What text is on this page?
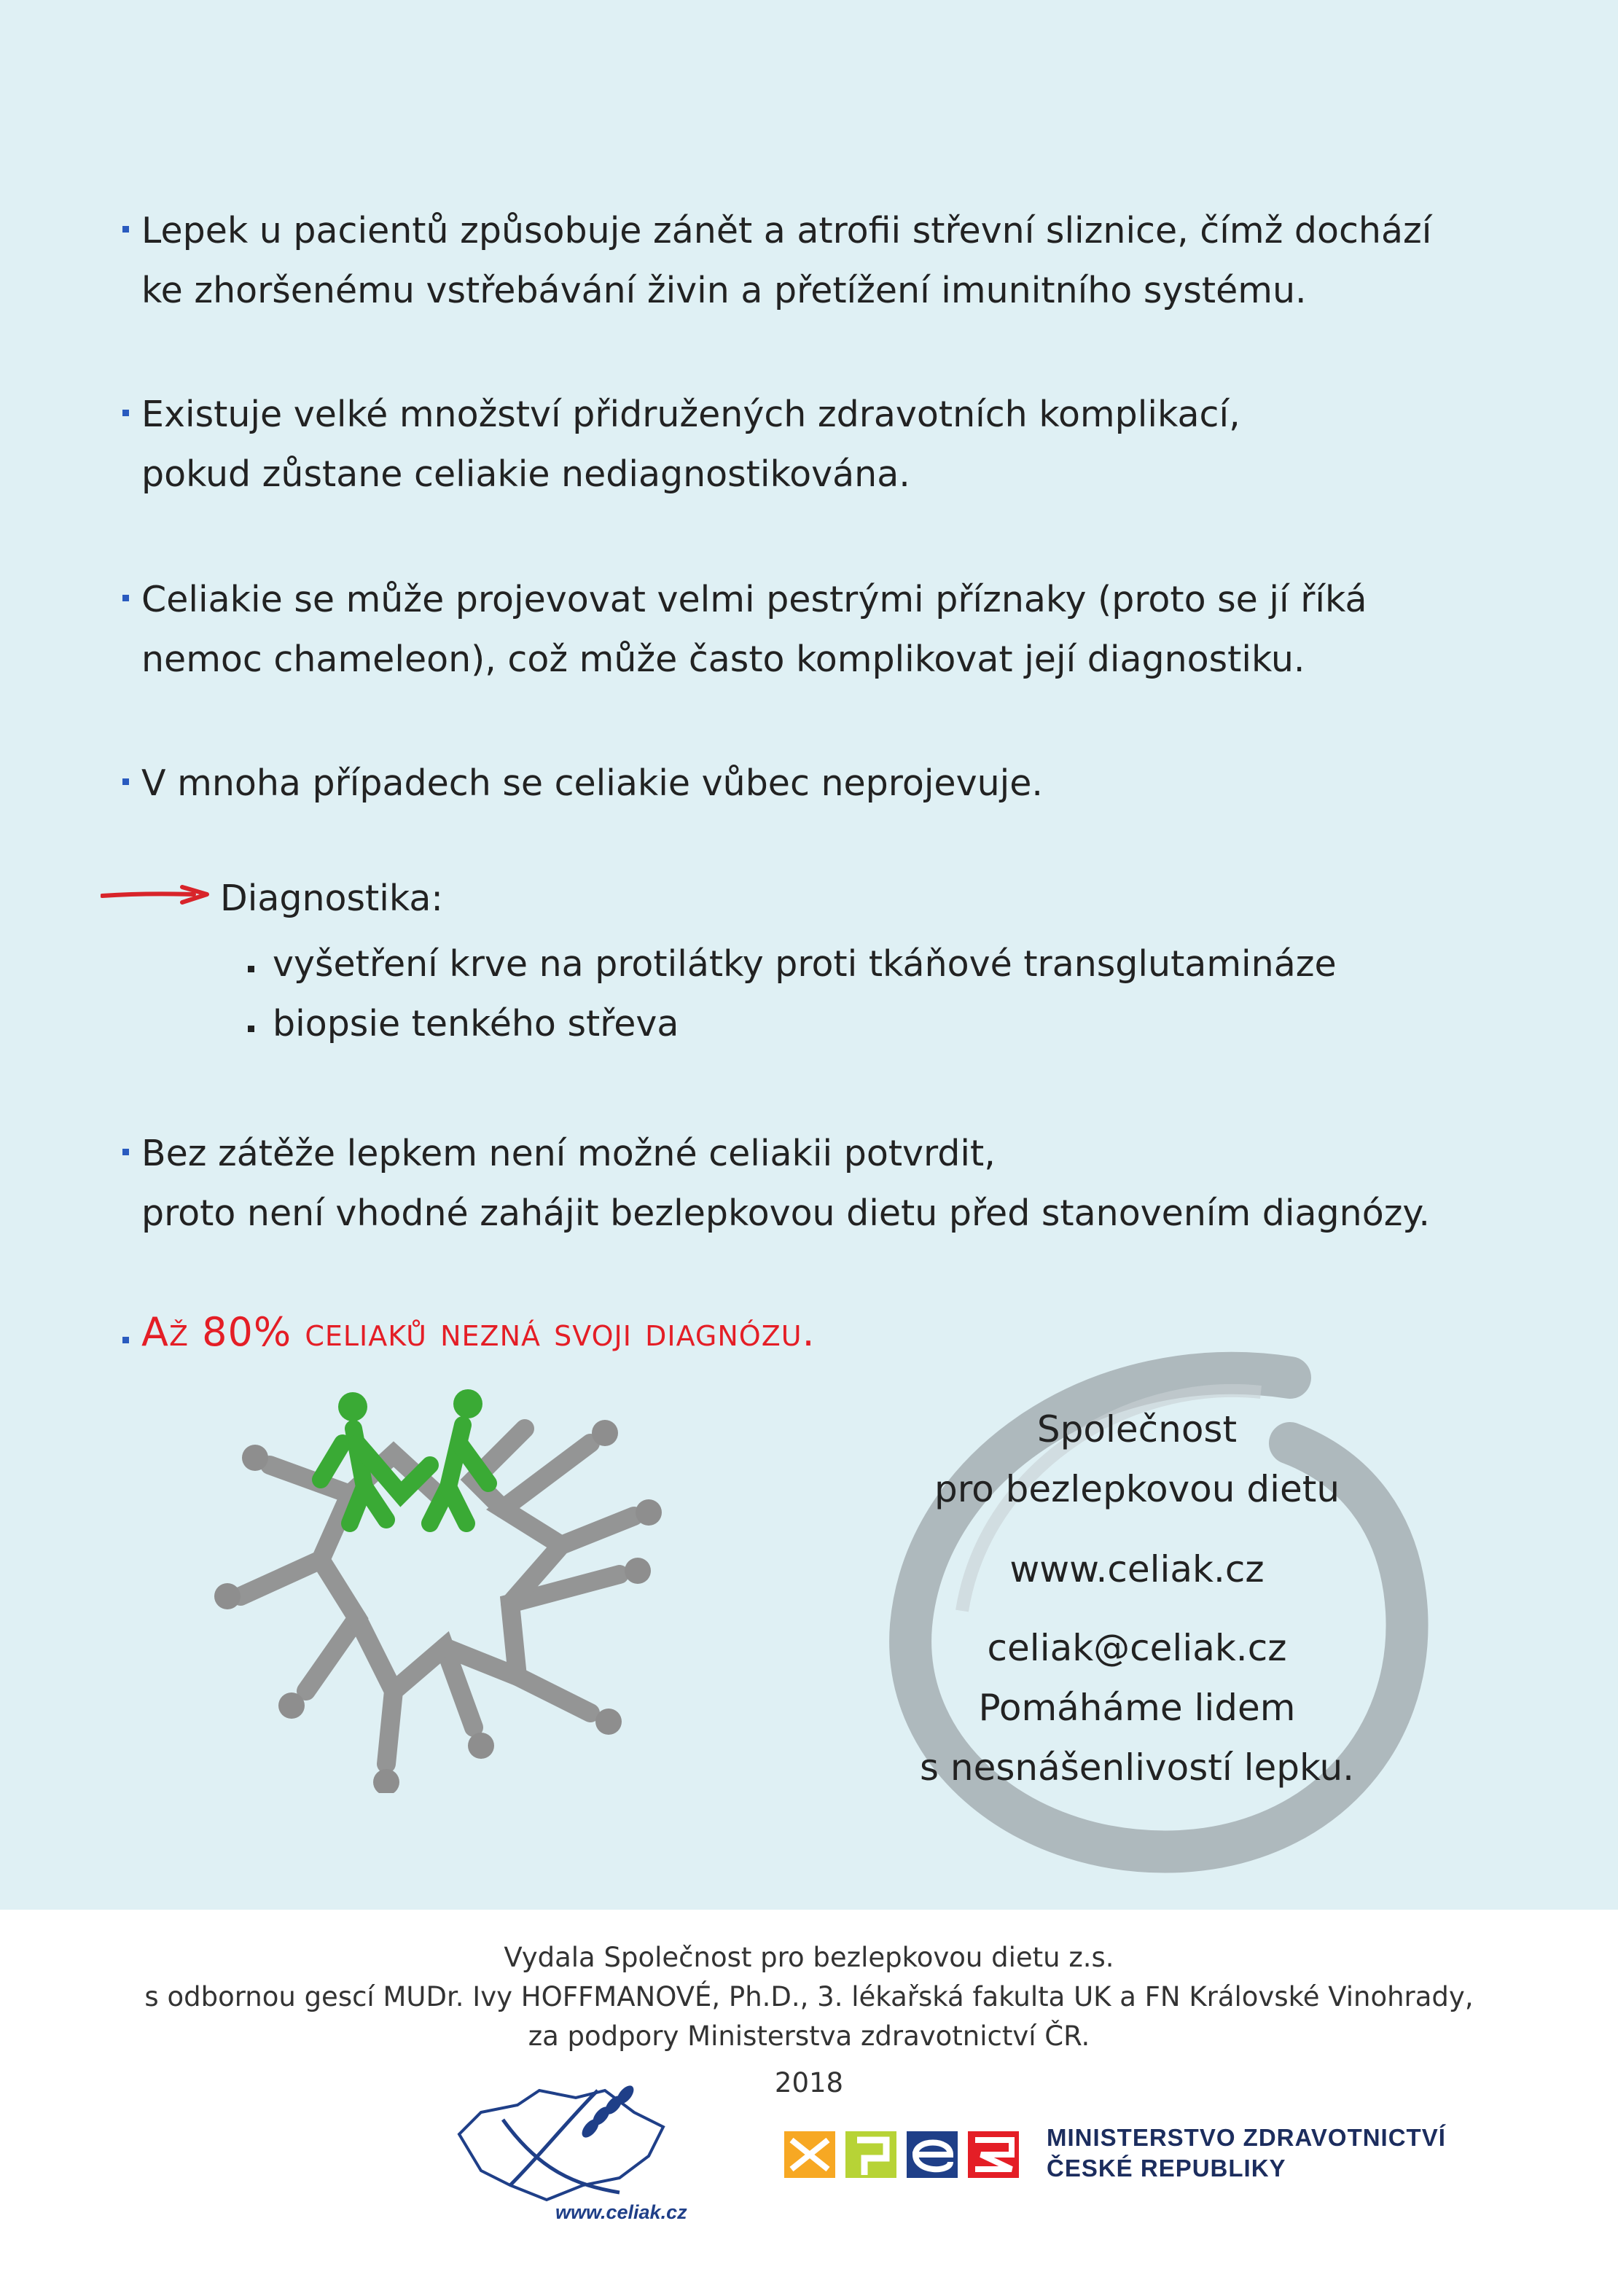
Lepek u pacientů způsobuje zánět a atrofii střevní sliznice, čímž dochází
ke zhoršenému vstřebávání živin a přetížení imunitního systému.
Existuje velké množství přidružených zdravotních komplikací,
pokud zůstane celiakie nediagnostikována.
Celiakie se může projevovat velmi pestrými příznaky (proto se jí říká
nemoc chameleon), což může často komplikovat její diagnostiku.
V mnoha případech se celiakie vůbec neprojevuje.
Diagnostika:
vyšetření krve na protilátky proti tkáňové transglutamináze
biopsie tenkého střeva
Bez zátěže lepkem není možné celiakii potvrdit,
proto není vhodné zahájit bezlepkovou dietu před stanovením diagnózy.
Až 80% celiaků nezná svoji diagnózu.
Společnost
pro bezlepkovou dietu
www.celiak.cz
celiak@celiak.cz
Pomáháme lidem
s nesnášenlivostí lepku.
Vydala Společnost pro bezlepkovou dietu z.s.
s odbornou gescí MUDr. Ivy HOFFMANOVÉ, Ph.D., 3. lékařská fakulta UK a FN Královské Vinohrady,
za podpory Ministerstva zdravotnictví ČR.
2018
www.celiak.cz
MINISTERSTVO ZDRAVOTNICTVÍ
ČESKÉ REPUBLIKY
